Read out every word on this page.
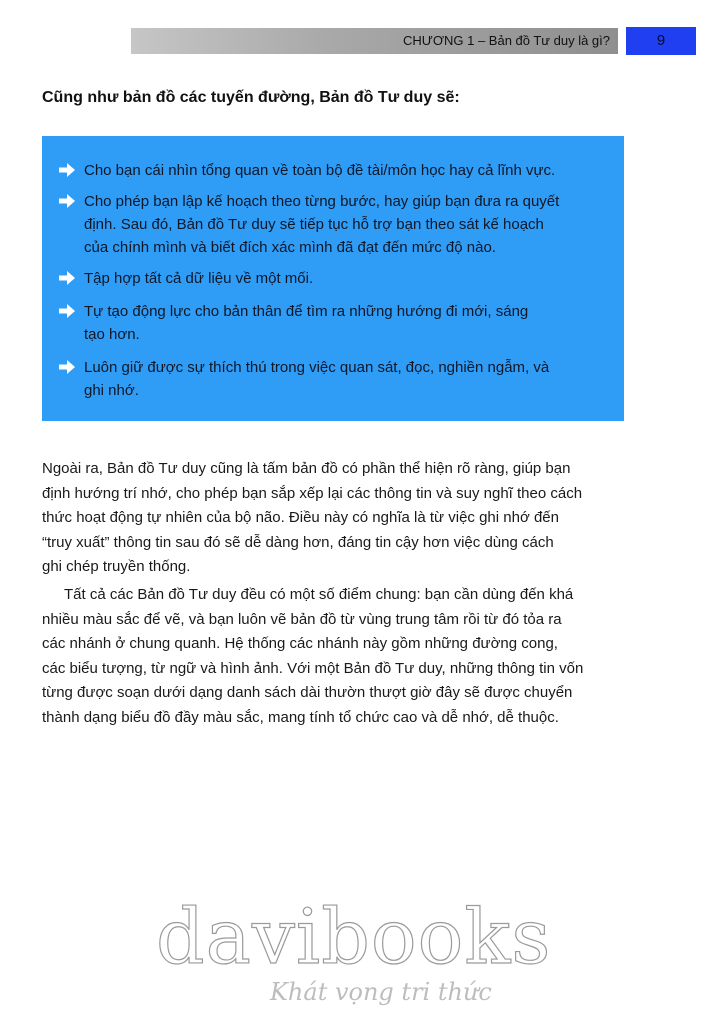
CHƯƠNG 1 – Bản đồ Tư duy là gì?	9
Cũng như bản đồ các tuyến đường, Bản đồ Tư duy sẽ:
Cho bạn cái nhìn tổng quan về toàn bộ đề tài/môn học hay cả lĩnh vực.
Cho phép bạn lập kế hoạch theo từng bước, hay giúp bạn đưa ra quyết
định. Sau đó, Bản đồ Tư duy sẽ tiếp tục hỗ trợ bạn theo sát kế hoạch
của chính mình và biết đích xác mình đã đạt đến mức độ nào.
Tập hợp tất cả dữ liệu về một mối.
Tự tạo động lực cho bản thân để tìm ra những hướng đi mới, sáng
tạo hơn.
Luôn giữ được sự thích thú trong việc quan sát, đọc, nghiền ngẫm, và
ghi nhớ.
Ngoài ra, Bản đồ Tư duy cũng là tấm bản đồ có phần thể hiện rõ ràng, giúp bạn
định hướng trí nhớ, cho phép bạn sắp xếp lại các thông tin và suy nghĩ theo cách
thức hoạt động tự nhiên của bộ não. Điều này có nghĩa là từ việc ghi nhớ đến
“truy xuất” thông tin sau đó sẽ dễ dàng hơn, đáng tin cậy hơn việc dùng cách
ghi chép truyền thống.
Tất cả các Bản đồ Tư duy đều có một số điểm chung: bạn cần dùng đến khá
nhiều màu sắc để vẽ, và bạn luôn vẽ bản đồ từ vùng trung tâm rồi từ đó tỏa ra
các nhánh ở chung quanh. Hệ thống các nhánh này gồm những đường cong,
các biểu tượng, từ ngữ và hình ảnh. Với một Bản đồ Tư duy, những thông tin vốn
từng được soạn dưới dạng danh sách dài thườn thượt giờ đây sẽ được chuyển
thành dạng biểu đồ đầy màu sắc, mang tính tổ chức cao và dễ nhớ, dễ thuộc.
davibooks
Khát vọng tri thức
